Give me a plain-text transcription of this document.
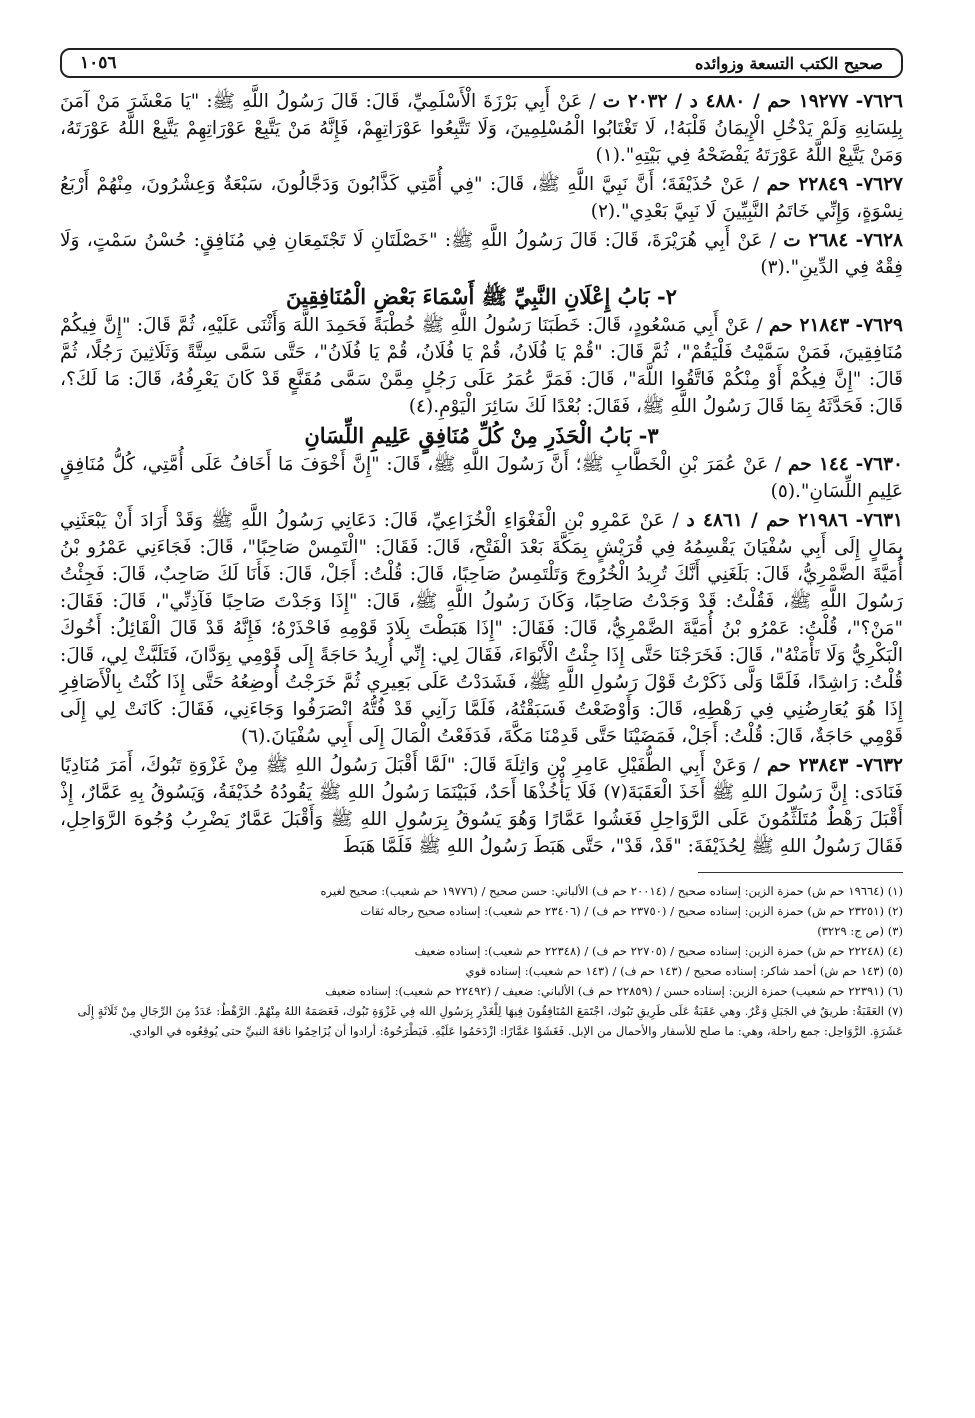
صحيح الكتب التسعة وزوائده
١٠٥٦

٧٦٢٦- ١٩٢٧٧ حم / ٤٨٨٠ د / ٢٠٣٢ ت / عَنْ أَبِي بَرْزَةَ الْأَسْلَمِيِّ، قَالَ: قَالَ رَسُولُ اللَّهِ ﷺ: "يَا مَعْشَرَ مَنْ آمَنَ بِلِسَانِهِ وَلَمْ يَدْخُلِ الْإِيمَانُ قَلْبَهُ!، لَا تَغْتَابُوا الْمُسْلِمِينَ، وَلَا تَتَّبِعُوا عَوْرَاتِهِمْ، فَإِنَّهُ مَنْ يَتَّبِعْ عَوْرَاتِهِمْ يَتَّبِعْ اللَّهُ عَوْرَتَهُ، وَمَنْ يَتَّبِعْ اللَّهُ عَوْرَتَهُ يَفْضَحْهُ فِي بَيْتِهِ".(١)

٧٦٢٧- ٢٢٨٤٩ حم / عَنْ حُذَيْفَةَ؛ أَنَّ نَبِيَّ اللَّهِ ﷺ، قَالَ: "فِي أُمَّتِي كَذَّابُونَ وَدَجَّالُونَ، سَبْعَةٌ وَعِشْرُونَ، مِنْهُمْ أَرْبَعُ نِسْوَةٍ، وَإِنِّي خَاتَمُ النَّبِيِّينَ لَا نَبِيَّ بَعْدِي".(٢)

٧٦٢٨- ٢٦٨٤ ت / عَنْ أَبِي هُرَيْرَةَ، قَالَ: قَالَ رَسُولُ اللَّهِ ﷺ: "خَصْلَتَانِ لَا تَجْتَمِعَانِ فِي مُنَافِقٍ: حُسْنُ سَمْتٍ، وَلَا فِقْهٌ فِي الدِّينِ".(٣)

٢- بَابُ إِعْلَانِ النَّبِيِّ ﷺ أَسْمَاءَ بَعْضِ الْمُنَافِقِينَ

٧٦٢٩- ٢١٨٤٣ حم / عَنْ أَبِي مَسْعُودٍ، قَالَ: خَطَبَنَا رَسُولُ اللَّهِ ﷺ خُطْبَةً فَحَمِدَ اللَّهَ وَأَثْنَى عَلَيْهِ، ثُمَّ قَالَ: "إِنَّ فِيكُمْ مُنَافِقِينَ، فَمَنْ سَمَّيْتُ فَلْيَقُمْ"، ثُمَّ قَالَ: "قُمْ يَا فُلَانُ، قُمْ يَا فُلَانُ، قُمْ يَا فُلَانُ"، حَتَّى سَمَّى سِتَّةً وَثَلَاثِينَ رَجُلًا، ثُمَّ قَالَ: "إِنَّ فِيكُمْ أَوْ مِنْكُمْ فَاتَّقُوا اللَّهَ"، قَالَ: فَمَرَّ عُمَرُ عَلَى رَجُلٍ مِمَّنْ سَمَّى مُقَنَّعٍ قَدْ كَانَ يَعْرِفُهُ، قَالَ: مَا لَكَ؟، قَالَ: فَحَدَّثَهُ بِمَا قَالَ رَسُولُ اللَّهِ ﷺ، فَقَالَ: بُعْدًا لَكَ سَائِرَ الْيَوْمِ.(٤)

٣- بَابُ الْحَذَرِ مِنْ كُلِّ مُنَافِقٍ عَلِيمِ اللِّسَانِ

٧٦٣٠- ١٤٤ حم / عَنْ عُمَرَ بْنِ الْخَطَّابِ ﷺ؛ أَنَّ رَسُولَ اللَّهِ ﷺ، قَالَ: "إِنَّ أَخْوَفَ مَا أَخَافُ عَلَى أُمَّتِي، كُلُّ مُنَافِقٍ عَلِيمِ اللِّسَانِ".(٥)

٧٦٣١- ٢١٩٨٦ حم / ٤٨٦١ د / عَنْ عَمْرِو بْنِ الْفَغْوَاءِ الْخُزَاعِيِّ، قَالَ: دَعَانِي رَسُولُ اللَّهِ ﷺ وَقَدْ أَرَادَ أَنْ يَبْعَثَنِي بِمَالٍ إِلَى أَبِي سُفْيَانَ يَقْسِمُهُ فِي قُرَيْشٍ بِمَكَّةَ بَعْدَ الْفَتْحِ، قَالَ: فَقَالَ: "الْتَمِسْ صَاحِبًا"، قَالَ: فَجَاءَنِي عَمْرُو بْنُ أُمَيَّةَ الضَّمْرِيُّ، قَالَ: بَلَغَنِي أَنَّكَ تُرِيدُ الْخُرُوجَ وَتَلْتَمِسُ صَاحِبًا، قَالَ: قُلْتُ: أَجَلْ، قَالَ: فَأَنَا لَكَ صَاحِبٌ، قَالَ: فَجِئْتُ رَسُولَ اللَّهِ ﷺ، فَقُلْتُ: قَدْ وَجَدْتُ صَاحِبًا، وَكَانَ رَسُولُ اللَّهِ ﷺ، قَالَ: "إِذَا وَجَدْتَ صَاحِبًا فَآذِنِّي"، قَالَ: فَقَالَ: "مَنْ؟"، قُلْتُ: عَمْرُو بْنُ أُمَيَّةَ الضَّمْرِيُّ، قَالَ: فَقَالَ: "إِذَا هَبَطْتَ بِلَادَ قَوْمِهِ فَاحْذَرْهُ؛ فَإِنَّهُ قَدْ قَالَ الْقَائِلُ: أَخُوكَ الْبَكْرِيُّ وَلَا تَأْمَنْهُ"، قَالَ: فَخَرَجْنَا حَتَّى إِذَا جِئْتُ الْأَبْوَاءَ، فَقَالَ لِي: إِنِّي أُرِيدُ حَاجَةً إِلَى قَوْمِي بِوَدَّانَ، فَتَلَبَّثْ لِي، قَالَ: قُلْتُ: رَاشِدًا، فَلَمَّا وَلَّى ذَكَرْتُ قَوْلَ رَسُولِ اللَّهِ ﷺ، فَشَدَدْتُ عَلَى بَعِيرِي ثُمَّ خَرَجْتُ أُوضِعُهُ حَتَّى إِذَا كُنْتُ بِالْأَصَافِرِ إِذَا هُوَ يُعَارِضُنِي فِي رَهْطِهِ، قَالَ: وَأَوْضَعْتُ فَسَبَقْتُهُ، فَلَمَّا رَآنِي قَدْ فُتُّهُ انْصَرَفُوا وَجَاءَنِي، فَقَالَ: كَانَتْ لِي إِلَى قَوْمِي حَاجَةٌ، قَالَ: قُلْتُ: أَجَلْ، فَمَضَيْنَا حَتَّى قَدِمْنَا مَكَّةَ، فَدَفَعْتُ الْمَالَ إِلَى أَبِي سُفْيَانَ.(٦)

٧٦٣٢- ٢٣٨٤٣ حم / وَعَنْ أَبِي الطُّفَيْلِ عَامِرِ بْنِ وَاثِلَةَ قَالَ: "لَمَّا أَقْبَلَ رَسُولُ اللهِ ﷺ مِنْ غَزْوَةِ تَبُوكَ، أَمَرَ مُنَادِيًا فَنَادَى: إِنَّ رَسُولَ اللهِ ﷺ أَخَذَ الْعَقَبَةَ(٧) فَلَا يَأْخُذْهَا أَحَدٌ، فَبَيْنَمَا رَسُولُ اللهِ ﷺ يَقُودُهُ حُذَيْفَةُ، وَيَسُوقُ بِهِ عَمَّارٌ، إِذْ أَقْبَلَ رَهْطٌ مُتَلَثِّمُونَ عَلَى الرَّوَاحِلِ فَغَشُوا عَمَّارًا وَهُوَ يَسُوقُ بِرَسُولِ اللهِ ﷺ وَأَقْبَلَ عَمَّارٌ يَضْرِبُ وُجُوهَ الرَّوَاحِلِ، فَقَالَ رَسُولُ اللهِ ﷺ لِحُذَيْفَةَ: "قَدْ، قَدْ"، حَتَّى هَبَطَ رَسُولُ اللهِ ﷺ فَلَمَّا هَبَطَ

(١) (١٩٦٦٤ حم ش) حمزة الزين: إسناده صحيح / (٢٠٠١٤ حم ف) الألباني: حسن صحيح / (١٩٧٧٦ حم شعيب): صحيح لغيره

(٢) (٢٣٢٥١ حم ش) حمزة الزين: إسناده صحيح / (٢٣٧٥٠ حم ف) / (٢٣٤٠٦ حم شعيب): إسناده صحيح رجاله ثقات

(٣) (ص ج: ٣٢٢٩)

(٤) (٢٢٢٤٨ حم ش) حمزة الزين: إسناده صحيح / (٢٢٧٠٥ حم ف) / (٢٢٣٤٨ حم شعيب): إسناده ضعيف

(٥) (١٤٣ حم ش) أحمد شاكر: إسناده صحيح / (١٤٣ حم ف) / (١٤٣ حم شعيب): إسناده قوي

(٦) (٢٢٣٩١ حم شعيب) حمزة الزين: إسناده حسن / (٢٢٨٥٩ حم ف) الألباني: ضعيف / (٢٢٤٩٢ حم شعيب): إسناده ضعيف

(٧) العَقَبَةُ: طريقٌ في الجَبَلِ وَعْرٌ. وهي عَقَبَةٌ عَلَى طَرِيقِ تَبُوك، اجْتَمَعَ المُنَافِقُونَ فِيهَا لِلْغَدْرِ بِرَسُولِ الله فِي غَزْوَةِ تَبُوك، فَعَصَمَهُ اللهُ مِنْهُمْ. الرَّهْطُ: عَدَدٌ مِنَ الرِّجَالِ مِنْ ثَلَاثَةٍ إِلَى عَشَرَةٍ. الرَّوَاحِل: جمع راحلة، وهي: ما صلح للأسفار والأحمال من الإبل. فَغَشَوْا عَمَّارًا: ازْدَحَمُوا عَلَيْهِ. فَيَطْرَحُوهُ: أرادوا أن يُزَاحِمُوا ناقةَ النبيِّ حتى يُوقِعُوه في الوادي.
